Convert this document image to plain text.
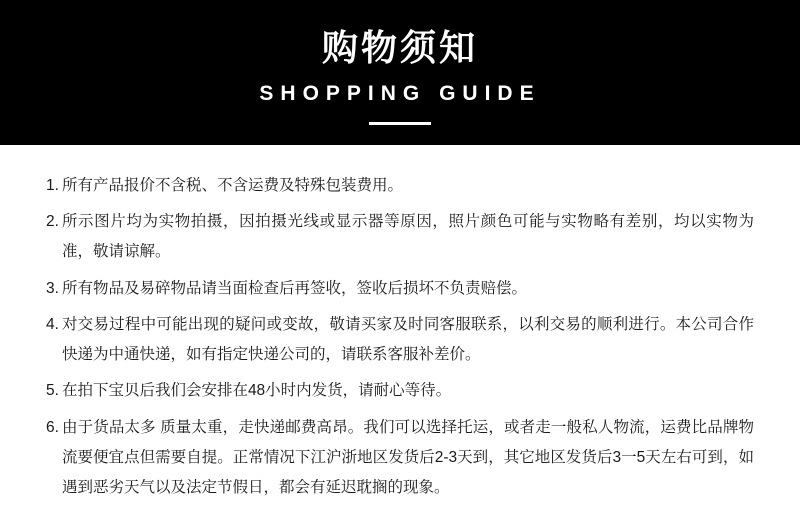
购物须知
SHOPPING GUIDE
1. 所有产品报价不含税、不含运费及特殊包装费用。
2. 所示图片均为实物拍摄，因拍摄光线或显示器等原因，照片颜色可能与实物略有差别，均以实物为准，敬请谅解。
3. 所有物品及易碎物品请当面检查后再签收，签收后损坏不负责赔偿。
4. 对交易过程中可能出现的疑问或变故，敬请买家及时同客服联系，以利交易的顺利进行。本公司合作快递为中通快递，如有指定快递公司的，请联系客服补差价。
5. 在拍下宝贝后我们会安排在48小时内发货，请耐心等待。
6. 由于货品太多 质量太重，走快递邮费高昂。我们可以选择托运，或者走一般私人物流，运费比品牌物流要便宜点但需要自提。正常情况下江沪浙地区发货后2-3天到，其它地区发货后3一5天左右可到，如遇到恶劣天气以及法定节假日，都会有延迟耽搁的现象。
